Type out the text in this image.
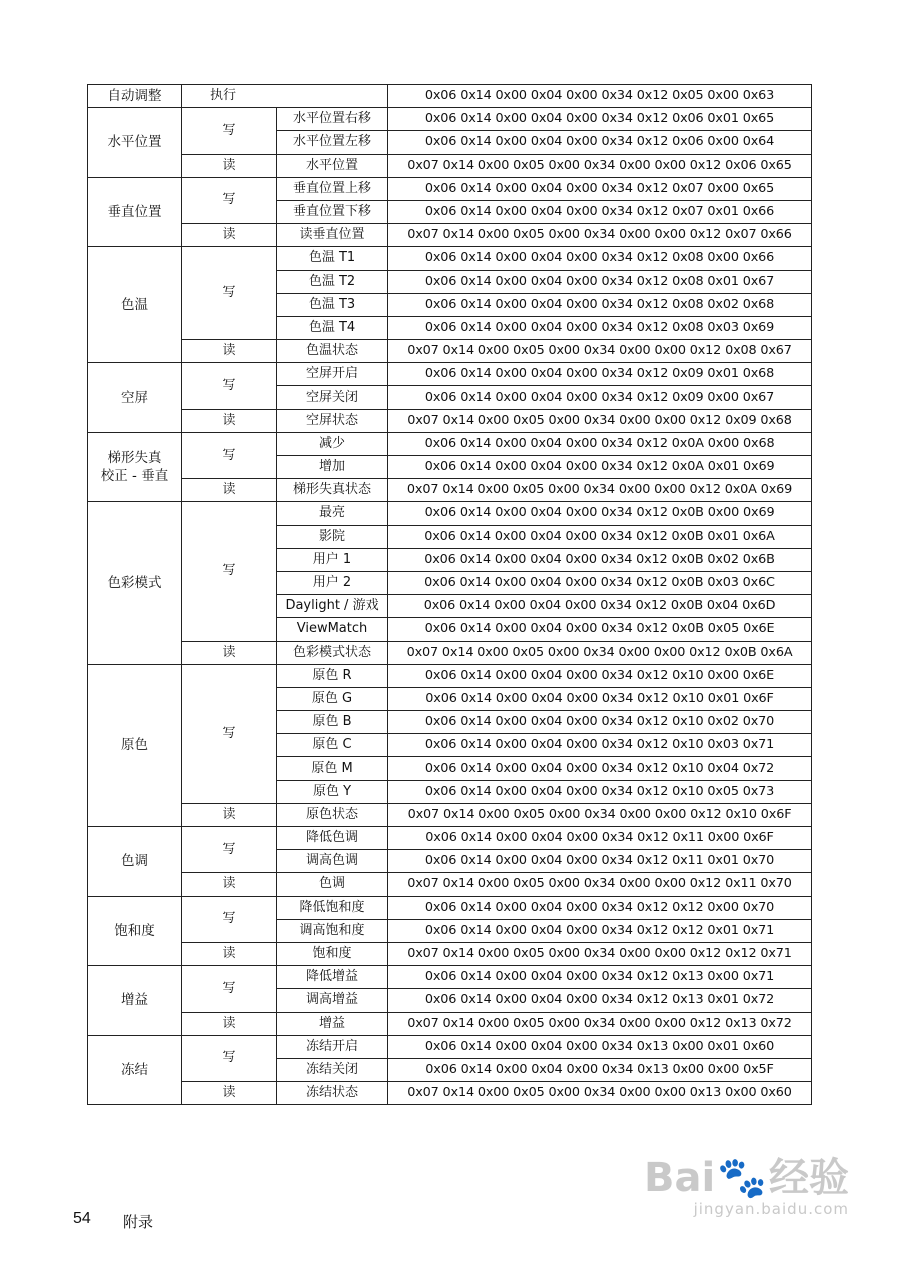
自动调整	执行		0x06 0x14 0x00 0x04 0x00 0x34 0x12 0x05 0x00 0x63
水平位置	写	水平位置右移	0x06 0x14 0x00 0x04 0x00 0x34 0x12 0x06 0x01 0x65
		水平位置左移	0x06 0x14 0x00 0x04 0x00 0x34 0x12 0x06 0x00 0x64
	读	水平位置	0x07 0x14 0x00 0x05 0x00 0x34 0x00 0x00 0x12 0x06 0x65
垂直位置	写	垂直位置上移	0x06 0x14 0x00 0x04 0x00 0x34 0x12 0x07 0x00 0x65
		垂直位置下移	0x06 0x14 0x00 0x04 0x00 0x34 0x12 0x07 0x01 0x66
	读	读垂直位置	0x07 0x14 0x00 0x05 0x00 0x34 0x00 0x00 0x12 0x07 0x66
色温	写	色温 T1	0x06 0x14 0x00 0x04 0x00 0x34 0x12 0x08 0x00 0x66
		色温 T2	0x06 0x14 0x00 0x04 0x00 0x34 0x12 0x08 0x01 0x67
		色温 T3	0x06 0x14 0x00 0x04 0x00 0x34 0x12 0x08 0x02 0x68
		色温 T4	0x06 0x14 0x00 0x04 0x00 0x34 0x12 0x08 0x03 0x69
	读	色温状态	0x07 0x14 0x00 0x05 0x00 0x34 0x00 0x00 0x12 0x08 0x67
空屏	写	空屏开启	0x06 0x14 0x00 0x04 0x00 0x34 0x12 0x09 0x01 0x68
		空屏关闭	0x06 0x14 0x00 0x04 0x00 0x34 0x12 0x09 0x00 0x67
	读	空屏状态	0x07 0x14 0x00 0x05 0x00 0x34 0x00 0x00 0x12 0x09 0x68
梯形失真
校正 - 垂直	写	减少	0x06 0x14 0x00 0x04 0x00 0x34 0x12 0x0A 0x00 0x68
		增加	0x06 0x14 0x00 0x04 0x00 0x34 0x12 0x0A 0x01 0x69
	读	梯形失真状态	0x07 0x14 0x00 0x05 0x00 0x34 0x00 0x00 0x12 0x0A 0x69
色彩模式	写	最亮	0x06 0x14 0x00 0x04 0x00 0x34 0x12 0x0B 0x00 0x69
		影院	0x06 0x14 0x00 0x04 0x00 0x34 0x12 0x0B 0x01 0x6A
		用户 1	0x06 0x14 0x00 0x04 0x00 0x34 0x12 0x0B 0x02 0x6B
		用户 2	0x06 0x14 0x00 0x04 0x00 0x34 0x12 0x0B 0x03 0x6C
		Daylight / 游戏	0x06 0x14 0x00 0x04 0x00 0x34 0x12 0x0B 0x04 0x6D
		ViewMatch	0x06 0x14 0x00 0x04 0x00 0x34 0x12 0x0B 0x05 0x6E
	读	色彩模式状态	0x07 0x14 0x00 0x05 0x00 0x34 0x00 0x00 0x12 0x0B 0x6A
原色	写	原色 R	0x06 0x14 0x00 0x04 0x00 0x34 0x12 0x10 0x00 0x6E
		原色 G	0x06 0x14 0x00 0x04 0x00 0x34 0x12 0x10 0x01 0x6F
		原色 B	0x06 0x14 0x00 0x04 0x00 0x34 0x12 0x10 0x02 0x70
		原色 C	0x06 0x14 0x00 0x04 0x00 0x34 0x12 0x10 0x03 0x71
		原色 M	0x06 0x14 0x00 0x04 0x00 0x34 0x12 0x10 0x04 0x72
		原色 Y	0x06 0x14 0x00 0x04 0x00 0x34 0x12 0x10 0x05 0x73
	读	原色状态	0x07 0x14 0x00 0x05 0x00 0x34 0x00 0x00 0x12 0x10 0x6F
色调	写	降低色调	0x06 0x14 0x00 0x04 0x00 0x34 0x12 0x11 0x00 0x6F
		调高色调	0x06 0x14 0x00 0x04 0x00 0x34 0x12 0x11 0x01 0x70
	读	色调	0x07 0x14 0x00 0x05 0x00 0x34 0x00 0x00 0x12 0x11 0x70
饱和度	写	降低饱和度	0x06 0x14 0x00 0x04 0x00 0x34 0x12 0x12 0x00 0x70
		调高饱和度	0x06 0x14 0x00 0x04 0x00 0x34 0x12 0x12 0x01 0x71
	读	饱和度	0x07 0x14 0x00 0x05 0x00 0x34 0x00 0x00 0x12 0x12 0x71
增益	写	降低增益	0x06 0x14 0x00 0x04 0x00 0x34 0x12 0x13 0x00 0x71
		调高增益	0x06 0x14 0x00 0x04 0x00 0x34 0x12 0x13 0x01 0x72
	读	增益	0x07 0x14 0x00 0x05 0x00 0x34 0x00 0x00 0x12 0x13 0x72
冻结	写	冻结开启	0x06 0x14 0x00 0x04 0x00 0x34 0x13 0x00 0x01 0x60
		冻结关闭	0x06 0x14 0x00 0x04 0x00 0x34 0x13 0x00 0x00 0x5F
	读	冻结状态	0x07 0x14 0x00 0x05 0x00 0x34 0x00 0x00 0x13 0x00 0x60
54 附录
Bai 🐾 经验
jingyan.baidu.com
